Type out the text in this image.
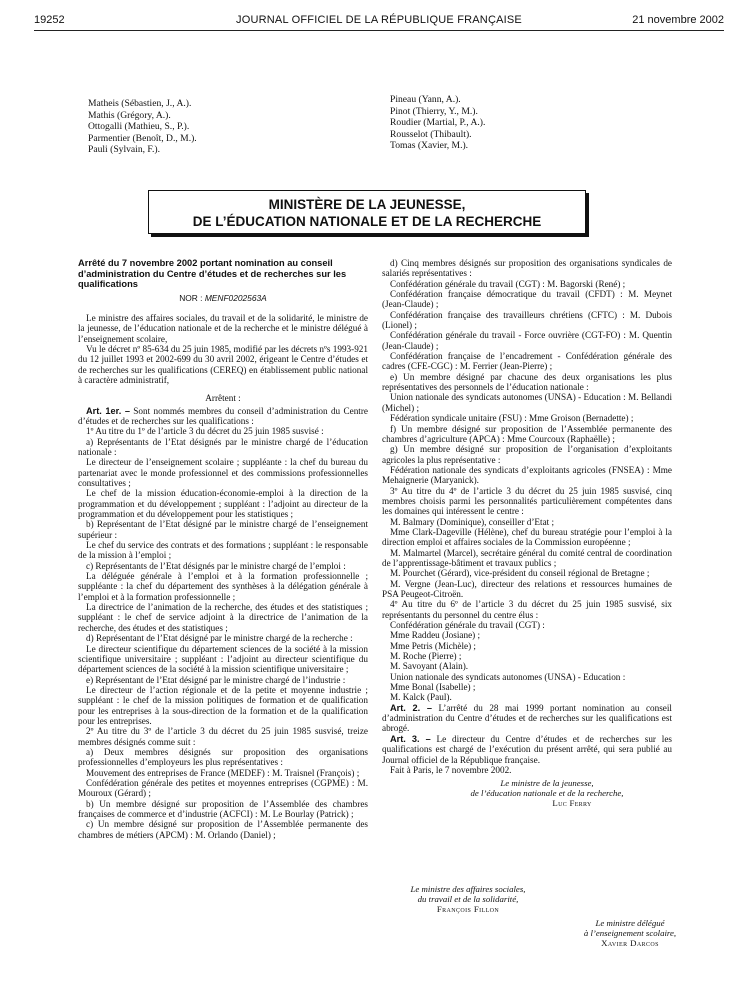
19252	JOURNAL OFFICIEL DE LA RÉPUBLIQUE FRANÇAISE	21 novembre 2002
Matheis (Sébastien, J., A.).
Mathis (Grégory, A.).
Ottogalli (Mathieu, S., P.).
Parmentier (Benoît, D., M.).
Pauli (Sylvain, F.).
Pineau (Yann, A.).
Pinot (Thierry, Y., M.).
Roudier (Martial, P., A.).
Rousselot (Thibault).
Tomas (Xavier, M.).
MINISTÈRE DE LA JEUNESSE,
DE L’ÉDUCATION NATIONALE ET DE LA RECHERCHE

Arrêté du 7 novembre 2002 portant nomination au conseil d’administration du Centre d’études et de recherches sur les qualifications

NOR : MENF0202563A

Le ministre des affaires sociales, du travail et de la solidarité, le ministre de la jeunesse, de l’éducation nationale et de la recherche et le ministre délégué à l’enseignement scolaire,

Vu le décret nº 85-634 du 25 juin 1985, modifié par les décrets nºs 1993-921 du 12 juillet 1993 et 2002-699 du 30 avril 2002, érigeant le Centre d’études et de recherches sur les qualifications (CEREQ) en établissement public national à caractère administratif,

Arrêtent :

Art. 1er. – Sont nommés membres du conseil d’administration du Centre d’études et de recherches sur les qualifications :

1º Au titre du 1º de l’article 3 du décret du 25 juin 1985 susvisé :

a) Représentants de l’Etat désignés par le ministre chargé de l’éducation nationale :

Le directeur de l’enseignement scolaire ; suppléante : la chef du bureau du partenariat avec le monde professionnel et des commissions professionnelles consultatives ;

Le chef de la mission éducation-économie-emploi à la direction de la programmation et du développement ; suppléant : l’adjoint au directeur de la programmation et du développement pour les statistiques ;

b) Représentant de l’Etat désigné par le ministre chargé de l’enseignement supérieur :

Le chef du service des contrats et des formations ; suppléant : le responsable de la mission à l’emploi ;

c) Représentants de l’Etat désignés par le ministre chargé de l’emploi :

La déléguée générale à l’emploi et à la formation professionnelle ; suppléante : la chef du département des synthèses à la délégation générale à l’emploi et à la formation professionnelle ;

La directrice de l’animation de la recherche, des études et des statistiques ; suppléant : le chef de service adjoint à la directrice de l’animation de la recherche, des études et des statistiques ;

d) Représentant de l’Etat désigné par le ministre chargé de la recherche :

Le directeur scientifique du département sciences de la société à la mission scientifique universitaire ; suppléant : l’adjoint au directeur scientifique du département sciences de la société à la mission scientifique universitaire ;

e) Représentant de l’Etat désigné par le ministre chargé de l’industrie :

Le directeur de l’action régionale et de la petite et moyenne industrie ; suppléant : le chef de la mission politiques de formation et de qualification pour les entreprises à la sous-direction de la formation et de la qualification pour les entreprises.

2º Au titre du 3º de l’article 3 du décret du 25 juin 1985 susvisé, treize membres désignés comme suit :

a) Deux membres désignés sur proposition des organisations professionnelles d’employeurs les plus représentatives :

Mouvement des entreprises de France (MEDEF) : M. Traisnel (François) ;

Confédération générale des petites et moyennes entreprises (CGPME) : M. Mouroux (Gérard) ;

b) Un membre désigné sur proposition de l’Assemblée des chambres françaises de commerce et d’industrie (ACFCI) : M. Le Bourlay (Patrick) ;

c) Un membre désigné sur proposition de l’Assemblée permanente des chambres de métiers (APCM) : M. Orlando (Daniel) ;

d) Cinq membres désignés sur proposition des organisations syndicales de salariés représentatives :

Confédération générale du travail (CGT) : M. Bagorski (René) ;

Confédération française démocratique du travail (CFDT) : M. Meynet (Jean-Claude) ;

Confédération française des travailleurs chrétiens (CFTC) : M. Dubois (Lionel) ;

Confédération générale du travail - Force ouvrière (CGT-FO) : M. Quentin (Jean-Claude) ;

Confédération française de l’encadrement - Confédération générale des cadres (CFE-CGC) : M. Ferrier (Jean-Pierre) ;

e) Un membre désigné par chacune des deux organisations les plus représentatives des personnels de l’éducation nationale :

Union nationale des syndicats autonomes (UNSA) - Education : M. Bellandi (Michel) ;

Fédération syndicale unitaire (FSU) : Mme Groison (Bernadette) ;

f) Un membre désigné sur proposition de l’Assemblée permanente des chambres d’agriculture (APCA) : Mme Courcoux (Raphaëlle) ;

g) Un membre désigné sur proposition de l’organisation d’exploitants agricoles la plus représentative :

Fédération nationale des syndicats d’exploitants agricoles (FNSEA) : Mme Mehaignerie (Maryanick).

3º Au titre du 4º de l’article 3 du décret du 25 juin 1985 susvisé, cinq membres choisis parmi les personnalités particulièrement compétentes dans les domaines qui intéressent le centre :

M. Balmary (Dominique), conseiller d’Etat ;

Mme Clark-Dageville (Hélène), chef du bureau stratégie pour l’emploi à la direction emploi et affaires sociales de la Commission européenne ;

M. Malmartel (Marcel), secrétaire général du comité central de coordination de l’apprentissage-bâtiment et travaux publics ;

M. Pourchet (Gérard), vice-président du conseil régional de Bretagne ;

M. Vergne (Jean-Luc), directeur des relations et ressources humaines de PSA Peugeot-Citroën.

4º Au titre du 6º de l’article 3 du décret du 25 juin 1985 susvisé, six représentants du personnel du centre élus :

Confédération générale du travail (CGT) :

Mme Raddeu (Josiane) ;

Mme Petris (Michèle) ;

M. Roche (Pierre) ;

M. Savoyant (Alain).

Union nationale des syndicats autonomes (UNSA) - Education :

Mme Bonal (Isabelle) ;

M. Kalck (Paul).

Art. 2. – L’arrêté du 28 mai 1999 portant nomination au conseil d’administration du Centre d’études et de recherches sur les qualifications est abrogé.

Art. 3. – Le directeur du Centre d’études et de recherches sur les qualifications est chargé de l’exécution du présent arrêté, qui sera publié au Journal officiel de la République française.

Fait à Paris, le 7 novembre 2002.

Le ministre de la jeunesse,

de l’éducation nationale et de la recherche,

Luc Ferry

Le ministre des affaires sociales,
du travail et de la solidarité,
François Fillon
Le ministre délégué
à l’enseignement scolaire,
Xavier Darcos
